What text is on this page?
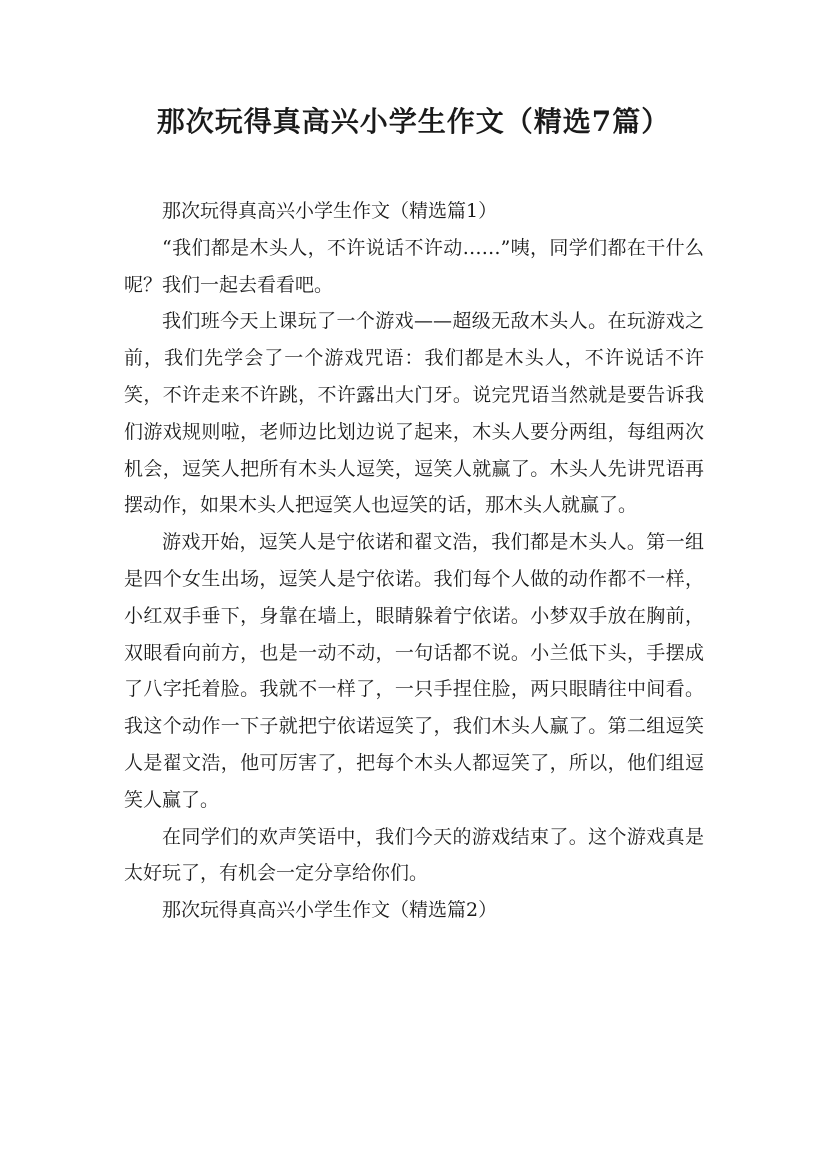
那次玩得真高兴小学生作文（精选7篇）

那次玩得真高兴小学生作文（精选篇1）

“我们都是木头人，不许说话不许动……”咦，同学们都在干什么呢？我们一起去看看吧。

我们班今天上课玩了一个游戏——超级无敌木头人。在玩游戏之前，我们先学会了一个游戏咒语：我们都是木头人，不许说话不许笑，不许走来不许跳，不许露出大门牙。说完咒语当然就是要告诉我们游戏规则啦，老师边比划边说了起来，木头人要分两组，每组两次机会，逗笑人把所有木头人逗笑，逗笑人就赢了。木头人先讲咒语再摆动作，如果木头人把逗笑人也逗笑的话，那木头人就赢了。

游戏开始，逗笑人是宁依诺和翟文浩，我们都是木头人。第一组是四个女生出场，逗笑人是宁依诺。我们每个人做的动作都不一样，小红双手垂下，身靠在墙上，眼睛躲着宁依诺。小梦双手放在胸前，双眼看向前方，也是一动不动，一句话都不说。小兰低下头，手摆成了八字托着脸。我就不一样了，一只手捏住脸，两只眼睛往中间看。我这个动作一下子就把宁依诺逗笑了，我们木头人赢了。第二组逗笑人是翟文浩，他可厉害了，把每个木头人都逗笑了，所以，他们组逗笑人赢了。

在同学们的欢声笑语中，我们今天的游戏结束了。这个游戏真是太好玩了，有机会一定分享给你们。

那次玩得真高兴小学生作文（精选篇2）
